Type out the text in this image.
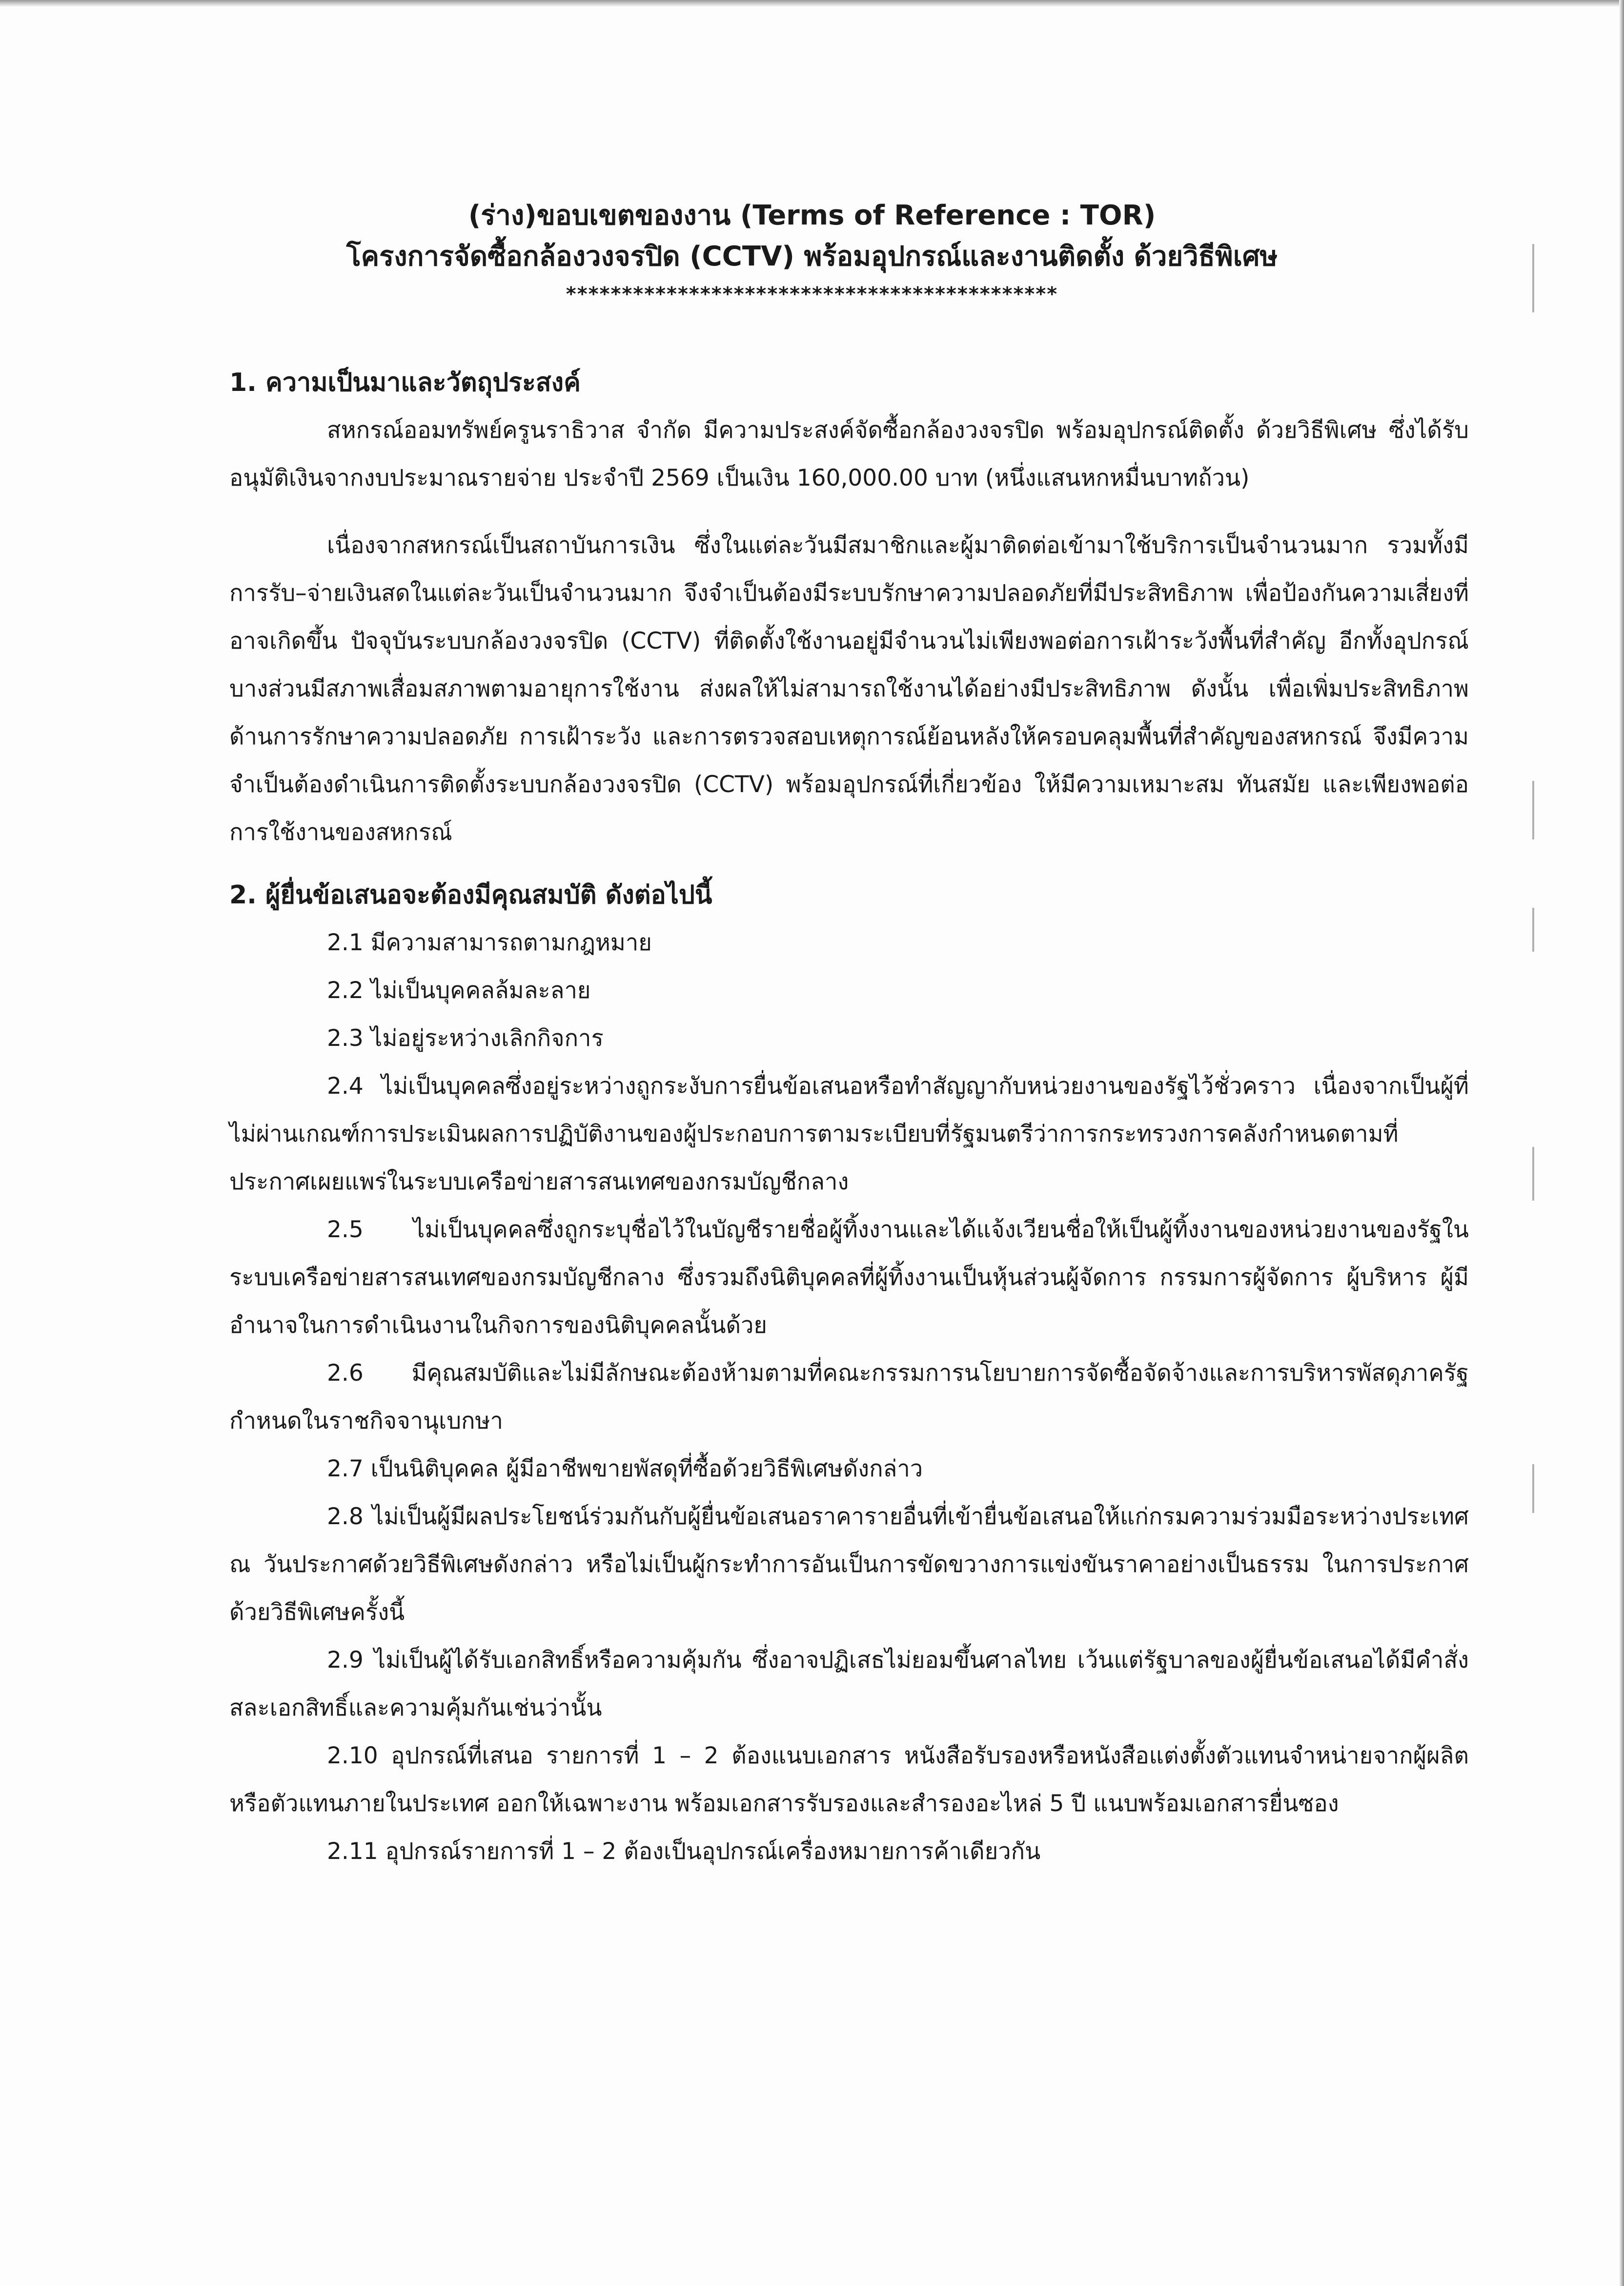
(ร่าง)ขอบเขตของงาน (Terms of Reference : TOR)
โครงการจัดซื้อกล้องวงจรปิด (CCTV) พร้อมอุปกรณ์และงานติดตั้ง ด้วยวิธีพิเศษ
********************************************

1. ความเป็นมาและวัตถุประสงค์

สหกรณ์ออมทรัพย์ครูนราธิวาส จำกัด มีความประสงค์จัดซื้อกล้องวงจรปิด พร้อมอุปกรณ์ติดตั้ง ด้วยวิธีพิเศษ ซึ่งได้รับอนุมัติเงินจากงบประมาณรายจ่าย ประจำปี 2569 เป็นเงิน 160,000.00 บาท (หนึ่งแสนหกหมื่นบาทถ้วน)

เนื่องจากสหกรณ์เป็นสถาบันการเงิน ซึ่งในแต่ละวันมีสมาชิกและผู้มาติดต่อเข้ามาใช้บริการเป็นจำนวนมาก รวมทั้งมีการรับ–จ่ายเงินสดในแต่ละวันเป็นจำนวนมาก จึงจำเป็นต้องมีระบบรักษาความปลอดภัยที่มีประสิทธิภาพ เพื่อป้องกันความเสี่ยงที่อาจเกิดขึ้น ปัจจุบันระบบกล้องวงจรปิด (CCTV) ที่ติดตั้งใช้งานอยู่มีจำนวนไม่เพียงพอต่อการเฝ้าระวังพื้นที่สำคัญ อีกทั้งอุปกรณ์บางส่วนมีสภาพเสื่อมสภาพตามอายุการใช้งาน ส่งผลให้ไม่สามารถใช้งานได้อย่างมีประสิทธิภาพ ดังนั้น เพื่อเพิ่มประสิทธิภาพด้านการรักษาความปลอดภัย การเฝ้าระวัง และการตรวจสอบเหตุการณ์ย้อนหลังให้ครอบคลุมพื้นที่สำคัญของสหกรณ์ จึงมีความจำเป็นต้องดำเนินการติดตั้งระบบกล้องวงจรปิด (CCTV) พร้อมอุปกรณ์ที่เกี่ยวข้อง ให้มีความเหมาะสม ทันสมัย และเพียงพอต่อการใช้งานของสหกรณ์

2. ผู้ยื่นข้อเสนอจะต้องมีคุณสมบัติ ดังต่อไปนี้

2.1 มีความสามารถตามกฎหมาย

2.2 ไม่เป็นบุคคลล้มละลาย

2.3 ไม่อยู่ระหว่างเลิกกิจการ

2.4 ไม่เป็นบุคคลซึ่งอยู่ระหว่างถูกระงับการยื่นข้อเสนอหรือทำสัญญากับหน่วยงานของรัฐไว้ชั่วคราว เนื่องจากเป็นผู้ที่ไม่ผ่านเกณฑ์การประเมินผลการปฏิบัติงานของผู้ประกอบการตามระเบียบที่รัฐมนตรีว่าการกระทรวงการคลังกำหนดตามที่ประกาศเผยแพร่ในระบบเครือข่ายสารสนเทศของกรมบัญชีกลาง

2.5 ไม่เป็นบุคคลซึ่งถูกระบุชื่อไว้ในบัญชีรายชื่อผู้ทิ้งงานและได้แจ้งเวียนชื่อให้เป็นผู้ทิ้งงานของหน่วยงานของรัฐในระบบเครือข่ายสารสนเทศของกรมบัญชีกลาง ซึ่งรวมถึงนิติบุคคลที่ผู้ทิ้งงานเป็นหุ้นส่วนผู้จัดการ กรรมการผู้จัดการ ผู้บริหาร ผู้มีอำนาจในการดำเนินงานในกิจการของนิติบุคคลนั้นด้วย

2.6 มีคุณสมบัติและไม่มีลักษณะต้องห้ามตามที่คณะกรรมการนโยบายการจัดซื้อจัดจ้างและการบริหารพัสดุภาครัฐกำหนดในราชกิจจานุเบกษา

2.7 เป็นนิติบุคคล ผู้มีอาชีพขายพัสดุที่ซื้อด้วยวิธีพิเศษดังกล่าว

2.8 ไม่เป็นผู้มีผลประโยชน์ร่วมกันกับผู้ยื่นข้อเสนอราคารายอื่นที่เข้ายื่นข้อเสนอให้แก่กรมความร่วมมือระหว่างประเทศ ณ วันประกาศด้วยวิธีพิเศษดังกล่าว หรือไม่เป็นผู้กระทำการอันเป็นการขัดขวางการแข่งขันราคาอย่างเป็นธรรม ในการประกาศด้วยวิธีพิเศษครั้งนี้

2.9 ไม่เป็นผู้ได้รับเอกสิทธิ์หรือความคุ้มกัน ซึ่งอาจปฏิเสธไม่ยอมขึ้นศาลไทย เว้นแต่รัฐบาลของผู้ยื่นข้อเสนอได้มีคำสั่งสละเอกสิทธิ์และความคุ้มกันเช่นว่านั้น

2.10 อุปกรณ์ที่เสนอ รายการที่ 1 – 2 ต้องแนบเอกสาร หนังสือรับรองหรือหนังสือแต่งตั้งตัวแทนจำหน่ายจากผู้ผลิต หรือตัวแทนภายในประเทศ ออกให้เฉพาะงาน พร้อมเอกสารรับรองและสำรองอะไหล่ 5 ปี แนบพร้อมเอกสารยื่นซอง

2.11 อุปกรณ์รายการที่ 1 – 2 ต้องเป็นอุปกรณ์เครื่องหมายการค้าเดียวกัน
